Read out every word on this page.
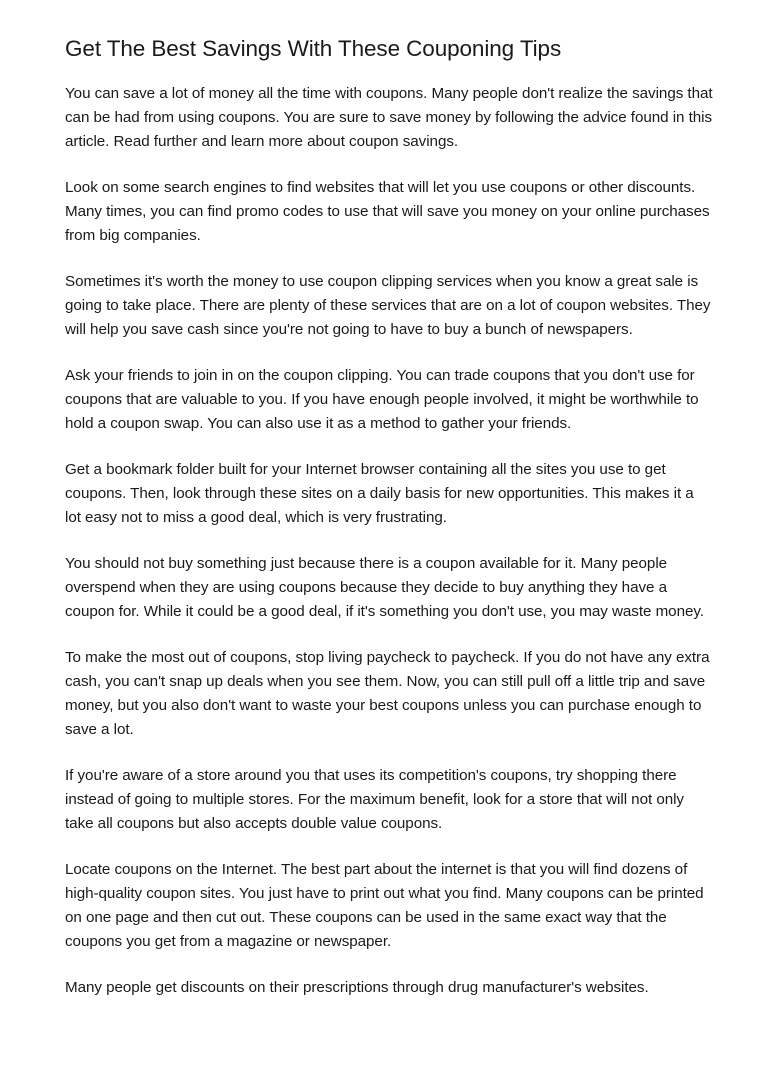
Get The Best Savings With These Couponing Tips

You can save a lot of money all the time with coupons. Many people don't realize the savings that can be had from using coupons. You are sure to save money by following the advice found in this article. Read further and learn more about coupon savings.

Look on some search engines to find websites that will let you use coupons or other discounts. Many times, you can find promo codes to use that will save you money on your online purchases from big companies.

Sometimes it's worth the money to use coupon clipping services when you know a great sale is going to take place. There are plenty of these services that are on a lot of coupon websites. They will help you save cash since you're not going to have to buy a bunch of newspapers.

Ask your friends to join in on the coupon clipping. You can trade coupons that you don't use for coupons that are valuable to you. If you have enough people involved, it might be worthwhile to hold a coupon swap. You can also use it as a method to gather your friends.

Get a bookmark folder built for your Internet browser containing all the sites you use to get coupons. Then, look through these sites on a daily basis for new opportunities. This makes it a lot easy not to miss a good deal, which is very frustrating.

You should not buy something just because there is a coupon available for it. Many people overspend when they are using coupons because they decide to buy anything they have a coupon for. While it could be a good deal, if it's something you don't use, you may waste money.

To make the most out of coupons, stop living paycheck to paycheck. If you do not have any extra cash, you can't snap up deals when you see them. Now, you can still pull off a little trip and save money, but you also don't want to waste your best coupons unless you can purchase enough to save a lot.

If you're aware of a store around you that uses its competition's coupons, try shopping there instead of going to multiple stores. For the maximum benefit, look for a store that will not only take all coupons but also accepts double value coupons.

Locate coupons on the Internet. The best part about the internet is that you will find dozens of high-quality coupon sites. You just have to print out what you find. Many coupons can be printed on one page and then cut out. These coupons can be used in the same exact way that the coupons you get from a magazine or newspaper.

Many people get discounts on their prescriptions through drug manufacturer's websites.
